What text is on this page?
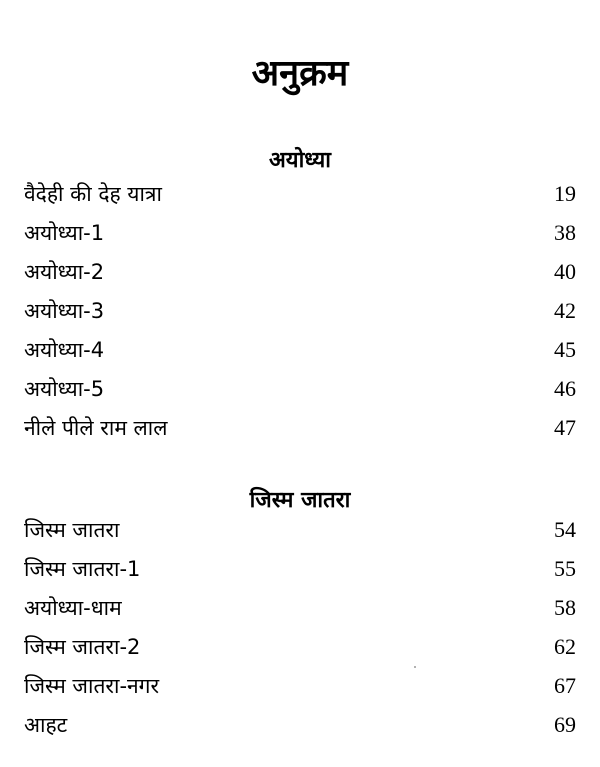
अनुक्रम
अयोध्या
वैदेही की देह यात्रा	19
अयोध्या-1	38
अयोध्या-2	40
अयोध्या-3	42
अयोध्या-4	45
अयोध्या-5	46
नीले पीले राम लाल	47
जिस्म जातरा
जिस्म जातरा	54
जिस्म जातरा-1	55
अयोध्या-धाम	58
जिस्म जातरा-2	62
जिस्म जातरा-नगर	67
आहट	69
